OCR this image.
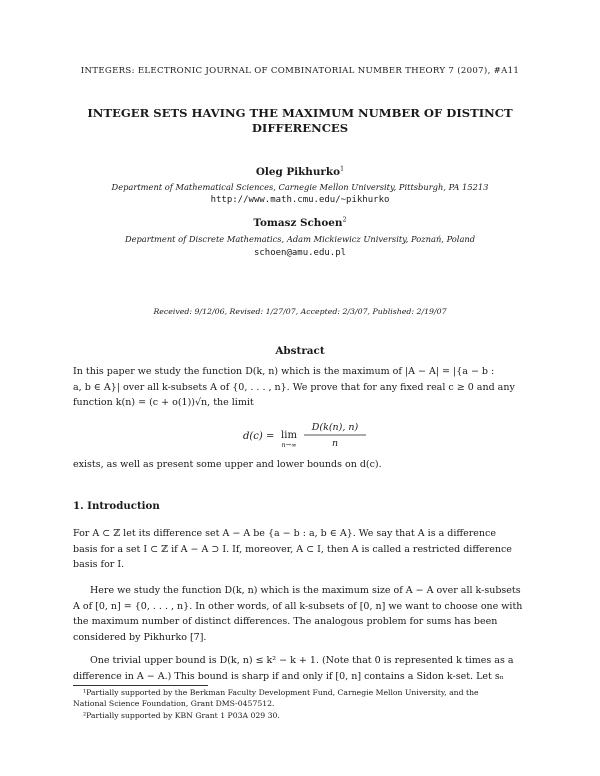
INTEGERS: ELECTRONIC JOURNAL OF COMBINATORIAL NUMBER THEORY 7 (2007), #A11
INTEGER SETS HAVING THE MAXIMUM NUMBER OF DISTINCT
DIFFERENCES
Oleg Pikhurko$^1$
Department of Mathematical Sciences, Carnegie Mellon University, Pittsburgh, PA 15213
http://www.math.cmu.edu/~pikhurko
Tomasz Schoen$^2$
Department of Discrete Mathematics, Adam Mickiewicz University, Poznań, Poland
schoen@amu.edu.pl
Received: 9/12/06, Revised: 1/27/07, Accepted: 2/3/07, Published: 2/19/07
Abstract
In this paper we study the function D(k, n) which is the maximum of |A − A| = |{a − b :
a, b ∈ A}| over all k-subsets A of {0, . . . , n}. We prove that for any fixed real c ≥ 0 and any
function k(n) = (c + o(1))√n, the limit
d(c) = lim
n→∞
D(k(n), n)
n
exists, as well as present some upper and lower bounds on d(c).
1. Introduction
For A ⊂ ℤ let its difference set A − A be {a − b : a, b ∈ A}. We say that A is a difference
basis for a set I ⊂ ℤ if A − A ⊃ I. If, moreover, A ⊂ I, then A is called a restricted difference
basis for I.
Here we study the function D(k, n) which is the maximum size of A − A over all k-subsets
A of [0, n] = {0, . . . , n}. In other words, of all k-subsets of [0, n] we want to choose one with
the maximum number of distinct differences. The analogous problem for sums has been
considered by Pikhurko [7].
One trivial upper bound is D(k, n) ≤ k² − k + 1. (Note that 0 is represented k times as a
difference in A − A.) This bound is sharp if and only if [0, n] contains a Sidon k-set. Let sₙ
¹Partially supported by the Berkman Faculty Development Fund, Carnegie Mellon University, and the
National Science Foundation, Grant DMS-0457512.
²Partially supported by KBN Grant 1 P03A 029 30.
